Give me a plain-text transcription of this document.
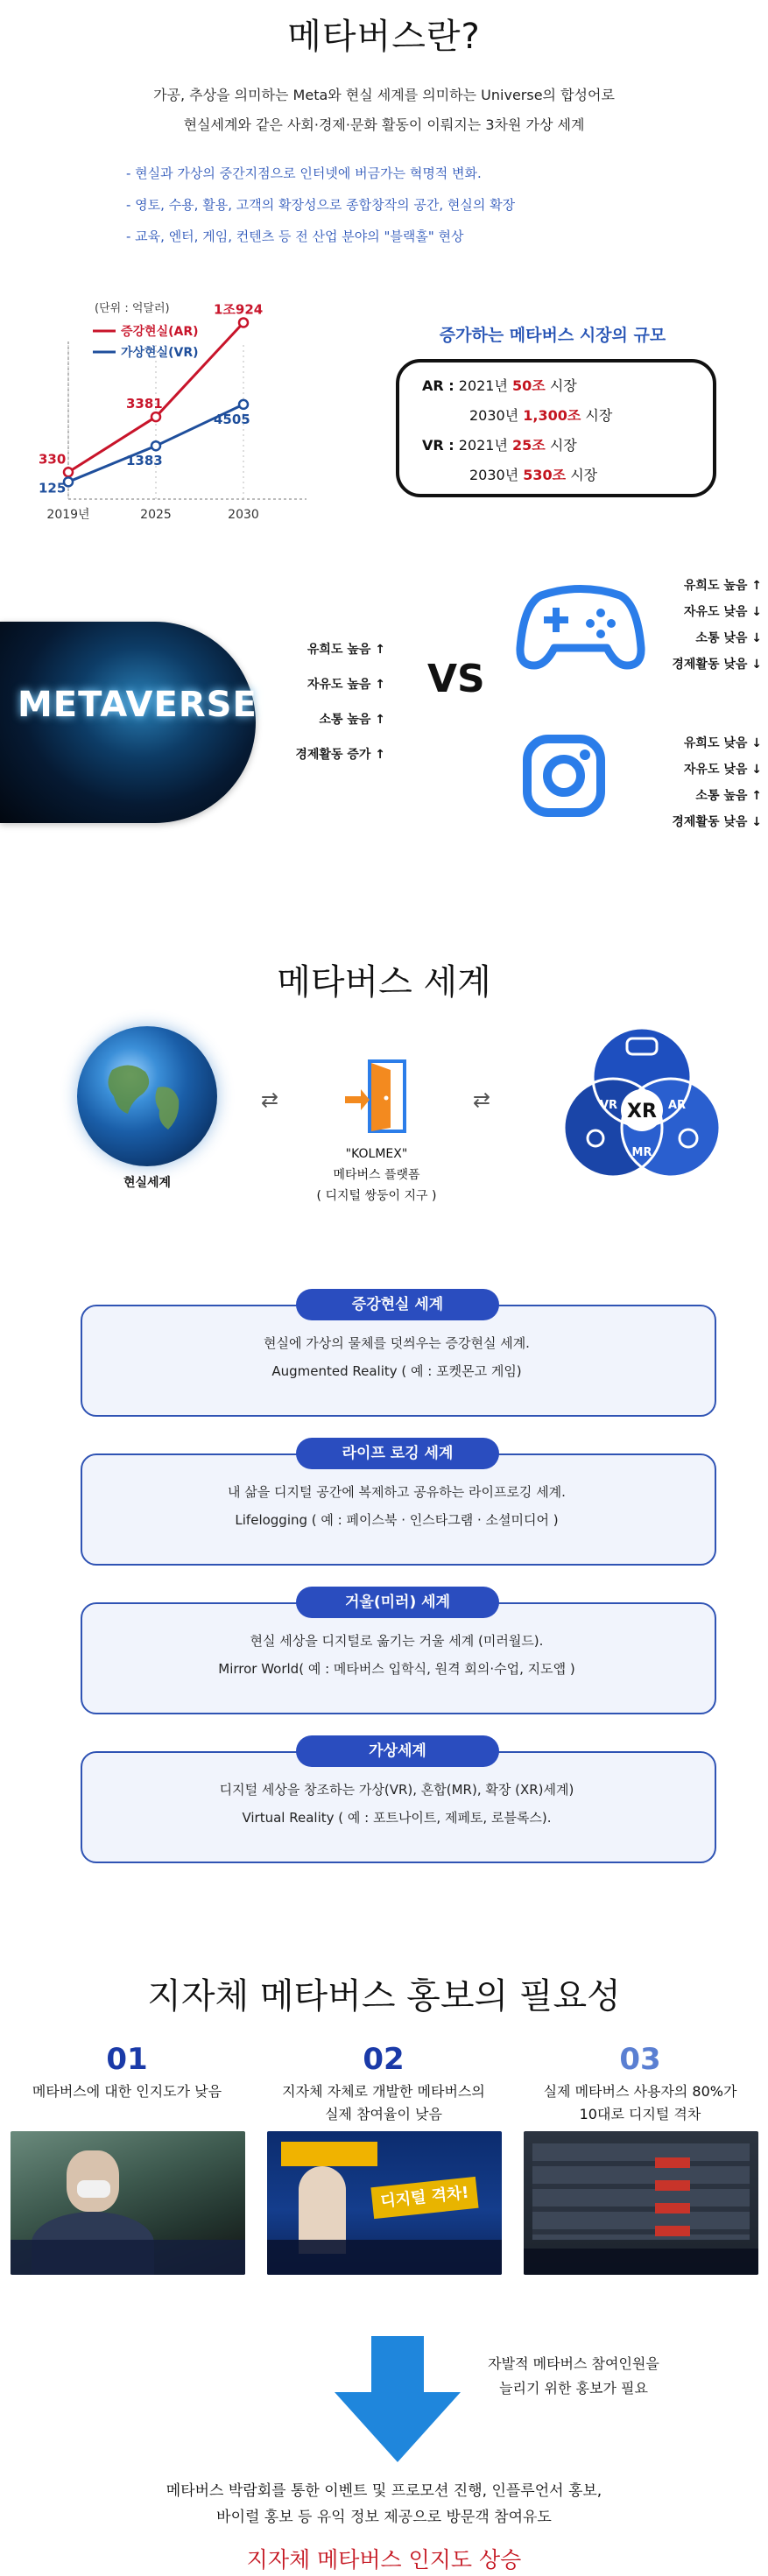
메타버스란?
가공, 추상을 의미하는 Meta와 현실 세계를 의미하는 Universe의 합성어로
현실세계와 같은 사회·경제·문화 활동이 이뤄지는 3차원 가상 세계
- 현실과 가상의 중간지점으로 인터넷에 버금가는 혁명적 변화.
- 영토, 수용, 활용, 고객의 확장성으로 종합창작의 공간, 현실의 확장
- 교육, 엔터, 게임, 컨텐츠 등 전 산업 분야의 "블랙홀" 현상
(단위 : 억달러)
증강현실(AR)
가상현실(VR)
330
3381
1조924
125
1383
4505
2019년	2025	2030
증가하는 메타버스 시장의 규모
AR : 2021년 50조 시장
2030년 1,300조 시장
VR : 2021년 25조 시장
2030년 530조 시장
METAVERSE
유희도 높음 ↑
자유도 높음 ↑
소통 높음 ↑
경제활동 증가 ↑
VS
유희도 높음 ↑
자유도 낮음 ↓
소통 낮음 ↓
경제활동 낮음 ↓
유희도 낮음 ↓
자유도 낮음 ↓
소통 높음 ↑
경제활동 낮음 ↓
메타버스 세계
현실세계
⇄
"KOLMEX"
메타버스 플랫폼
( 디지털 쌍둥이 지구 )
⇄	XR
VR	AR
MR
증강현실 세계
현실에 가상의 물체를 덧씌우는 증강현실 세계.
Augmented Reality ( 예 : 포켓몬고 게임)
라이프 로깅 세계
내 삶을 디지털 공간에 복제하고 공유하는 라이프로깅 세계.
Lifelogging ( 예 : 페이스북 · 인스타그램 · 소셜미디어 )
거울(미러) 세계
현실 세상을 디지털로 옮기는 거울 세계 (미러월드).
Mirror World( 예 : 메타버스 입학식, 원격 회의·수업, 지도앱 )
가상세계
디지털 세상을 창조하는 가상(VR), 혼합(MR), 확장 (XR)세계)
Virtual Reality ( 예 : 포트나이트, 제페토, 로블록스).
지자체 메타버스 홍보의 필요성
01
메타버스에 대한 인지도가 낮음
02
지자체 자체로 개발한 메타버스의
실제 참여율이 낮음
03
실제 메타버스 사용자의 80%가
10대로 디지털 격차
디지털 격차!
자발적 메타버스 참여인원을
늘리기 위한 홍보가 필요
메타버스 박람회를 통한 이벤트 및 프로모션 진행, 인플루언서 홍보,
바이럴 홍보 등 유익 정보 제공으로 방문객 참여유도
지자체 메타버스 인지도 상승
